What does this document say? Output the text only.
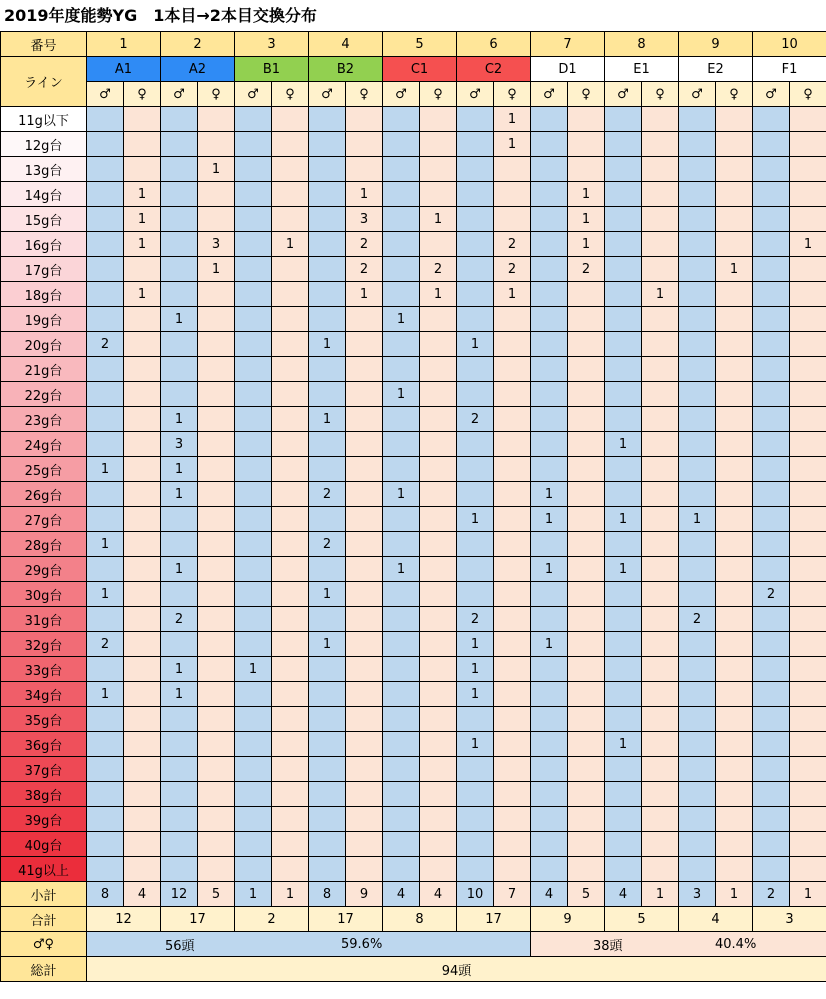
2019年度能勢YG　1本目→2本目交換分布
番号	1		2		3		4		5		6		7		8		9		10	
ライン	A1		A2		B1		B2		C1		C2		D1		E1		E2		F1	
	♂	♀	♂	♀	♂	♀	♂	♀	♂	♀	♂	♀	♂	♀	♂	♀	♂	♀	♂	♀
11g以下												1								
12g台												1								
13g台				1																
14g台		1						1						1						
15g台		1						3		1				1						
16g台		1		3		1		2				2		1						1
17g台				1				2		2		2		2				1		
18g台		1						1		1		1				1				
19g台			1						1											
20g台	2						1				1									
21g台																				
22g台									1											
23g台			1				1				2									
24g台			3												1					
25g台	1		1																	
26g台			1				2		1				1							
27g台											1		1		1		1			
28g台	1						2													
29g台			1						1				1		1					
30g台	1						1												2	
31g台			2								2						2			
32g台	2						1				1		1							
33g台			1		1						1									
34g台	1		1								1									
35g台																				
36g台											1				1					
37g台																				
38g台																				
39g台																				
40g台																				
41g以上																				
小計	8	4	12	5	1	1	8	9	4	4	10	7	4	5	4	1	3	1	2	1
合計	12		17		2		17		8		17		9		5		4		3	
♂♀	56頭 59.6%												38頭 40.4%							

総計	94頭																			
